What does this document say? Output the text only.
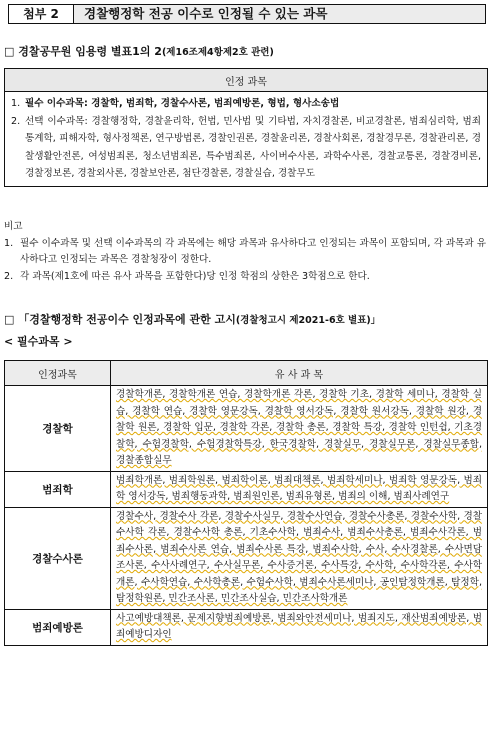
첨부 2	경찰행정학 전공 이수로 인정될 수 있는 과목
□ 경찰공무원 임용령 별표1의 2(제16조제4항제2호 관련)
인정 과목

1. 필수 이수과목: 경찰학, 범죄학, 경찰수사론, 범죄예방론, 형법, 형사소송법
2. 선택 이수과목: 경찰행정학, 경찰윤리학, 헌법, 민사법 및 기타법, 자치경찰론, 비교경찰론, 범죄심리학, 범죄통계학, 피해자학, 형사정책론, 연구방법론, 경찰인권론, 경찰윤리론, 경찰사회론, 경찰경무론, 경찰관리론, 경찰생활안전론, 여성범죄론, 청소년범죄론, 특수범죄론, 사이버수사론, 과학수사론, 경찰교통론, 경찰경비론, 경찰정보론, 경찰외사론, 경찰보안론, 첨단경찰론, 경찰실습, 경찰무도
비고
1. 필수 이수과목 및 선택 이수과목의 각 과목에는 해당 과목과 유사하다고 인정되는 과목이 포함되며, 각 과목과 유사하다고 인정되는 과목은 경찰청장이 정한다.
2. 각 과목(제1호에 따른 유사 과목을 포함한다)당 인정 학점의 상한은 3학점으로 한다.
□ 「경찰행정학 전공이수 인정과목에 관한 고시(경찰청고시 제2021-6호 별표)」
< 필수과목 >
인정과목	유 사 과 목
경찰학	경찰학개론, 경찰학개론 연습, 경찰학개론 각론, 경찰학 기초, 경찰학 세미나, 경찰학 실습, 경찰학 연습, 경찰학 영문강독, 경찰학 영서강독, 경찰학 원서강독, 경찰학 원강, 경찰학 원론, 경찰학 입문, 경찰학 각론, 경찰학 총론, 경찰학 특강, 경찰학 인턴쉽, 기초경찰학, 수험경찰학, 수험경찰학특강, 한국경찰학, 경찰실무, 경찰실무론, 경찰실무종합, 경찰종합실무
범죄학	범죄학개론, 범죄학원론, 범죄학이론, 범죄대책론, 범죄학세미나, 범죄학 영문강독, 범죄학 영서강독, 범죄행동과학, 범죄원인론, 범죄유형론, 범죄의 이해, 범죄사례연구
경찰수사론	경찰수사, 경찰수사 각론, 경찰수사실무, 경찰수사연습, 경찰수사총론, 경찰수사학, 경찰수사학 각론, 경찰수사학 총론, 기초수사학, 범죄수사, 범죄수사총론, 범죄수사각론, 범죄수사론, 범죄수사론 연습, 범죄수사론 특강, 범죄수사학, 수사, 수사경찰론, 수사면담조사론, 수사사례연구, 수사실무론, 수사증거론, 수사특강, 수사학, 수사학각론, 수사학개론, 수사학연습, 수사학총론, 수험수사학, 범죄수사론세미나, 공인탐정학개론, 탐정학, 탐정학원론, 민간조사론, 민간조사실습, 민간조사학개론
범죄예방론	사고예방대책론, 문제지향범죄예방론, 범죄와안전세미나, 범죄지도, 재산범죄예방론, 범죄예방디자인
